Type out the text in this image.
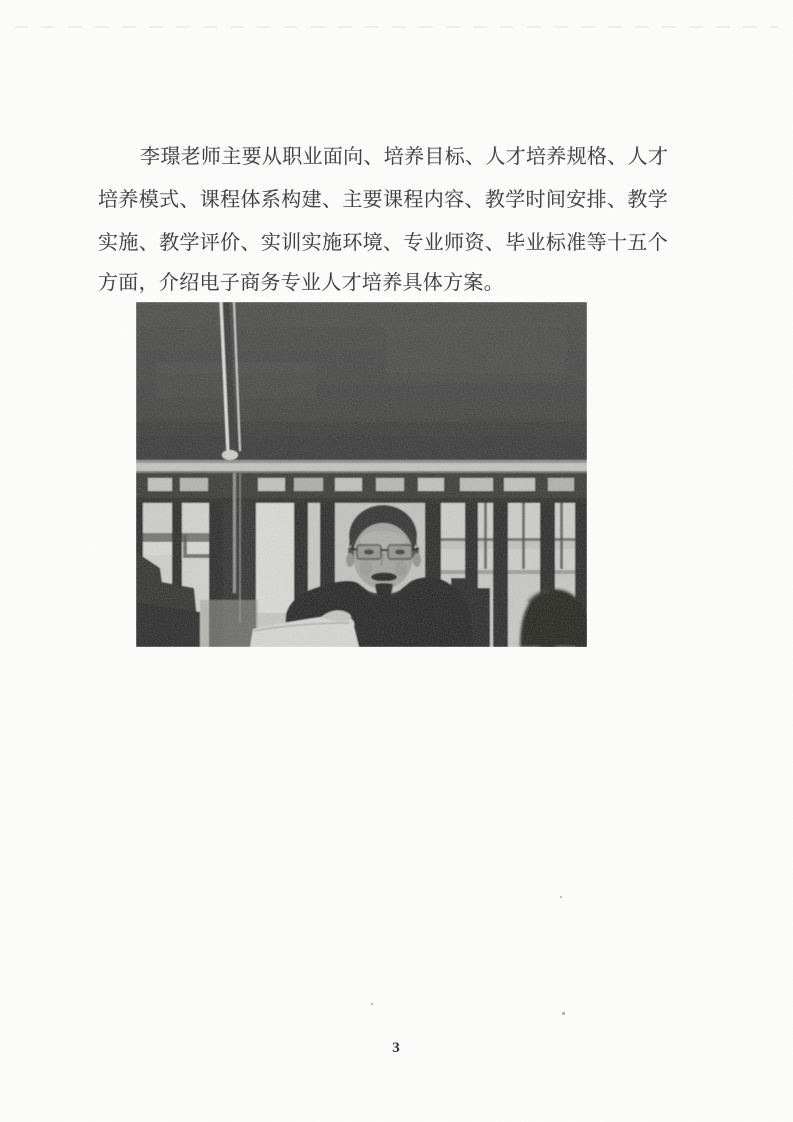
李 璟 老 师 主 要 从 职 业 面 向 、 培 养 目 标 、 人 才 培 养 规 格 、 人 才
培 养 模 式 、 课 程 体 系 构 建 、 主 要 课 程 内 容 、 教 学 时 间 安 排 、 教 学
实 施 、 教 学 评 价 、 实 训 实 施 环 境 、 专 业 师 资 、 毕 业 标 准 等 十 五 个
方面，介绍电子商务专业人才培养具体方案。
3
